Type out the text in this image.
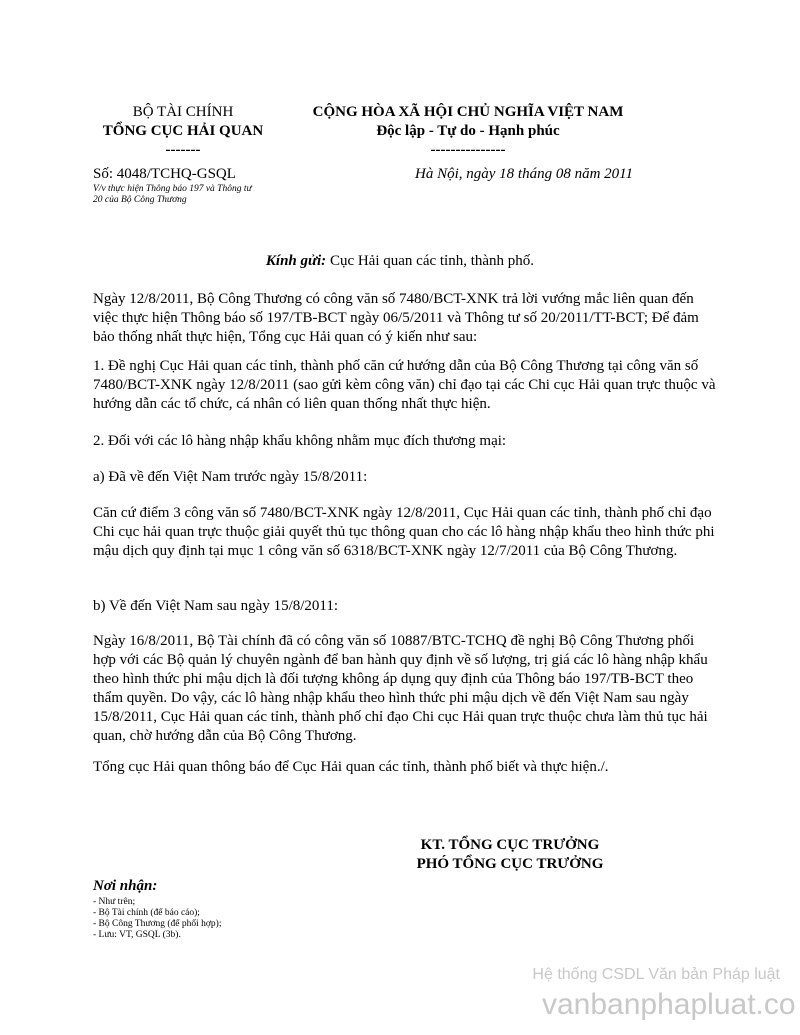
BỘ TÀI CHÍNH
TỔNG CỤC HẢI QUAN
-------
CỘNG HÒA XÃ HỘI CHỦ NGHĨA VIỆT NAM
Độc lập - Tự do - Hạnh phúc
---------------
Số: 4048/TCHQ-GSQL
V/v thực hiện Thông báo 197 và Thông tư
20 của Bộ Công Thương
Hà Nội, ngày 18 tháng 08 năm 2011
Kính gửi: Cục Hải quan các tỉnh, thành phố.

Ngày 12/8/2011, Bộ Công Thương có công văn số 7480/BCT-XNK trả lời vướng mắc liên quan đến việc thực hiện Thông báo số 197/TB-BCT ngày 06/5/2011 và Thông tư số 20/2011/TT-BCT; Để đảm bảo thống nhất thực hiện, Tổng cục Hải quan có ý kiến như sau:

1. Đề nghị Cục Hải quan các tỉnh, thành phố căn cứ hướng dẫn của Bộ Công Thương tại công văn số 7480/BCT-XNK ngày 12/8/2011 (sao gửi kèm công văn) chỉ đạo tại các Chi cục Hải quan trực thuộc và hướng dẫn các tổ chức, cá nhân có liên quan thống nhất thực hiện.

2. Đối với các lô hàng nhập khẩu không nhằm mục đích thương mại:

a) Đã về đến Việt Nam trước ngày 15/8/2011:

Căn cứ điểm 3 công văn số 7480/BCT-XNK ngày 12/8/2011, Cục Hải quan các tỉnh, thành phố chỉ đạo Chi cục hải quan trực thuộc giải quyết thủ tục thông quan cho các lô hàng nhập khẩu theo hình thức phi mậu dịch quy định tại mục 1 công văn số 6318/BCT-XNK ngày 12/7/2011 của Bộ Công Thương.

b) Về đến Việt Nam sau ngày 15/8/2011:

Ngày 16/8/2011, Bộ Tài chính đã có công văn số 10887/BTC-TCHQ đề nghị Bộ Công Thương phối hợp với các Bộ quản lý chuyên ngành để ban hành quy định về số lượng, trị giá các lô hàng nhập khẩu theo hình thức phi mậu dịch là đối tượng không áp dụng quy định của Thông báo 197/TB-BCT theo thẩm quyền. Do vậy, các lô hàng nhập khẩu theo hình thức phi mậu dịch về đến Việt Nam sau ngày 15/8/2011, Cục Hải quan các tỉnh, thành phố chỉ đạo Chi cục Hải quan trực thuộc chưa làm thủ tục hải quan, chờ hướng dẫn của Bộ Công Thương.

Tổng cục Hải quan thông báo để Cục Hải quan các tỉnh, thành phố biết và thực hiện./.

KT. TỔNG CỤC TRƯỞNG
PHÓ TỔNG CỤC TRƯỞNG
Nơi nhận:
- Như trên;
- Bộ Tài chính (để báo cáo);
- Bộ Công Thương (để phối hợp);
- Lưu: VT, GSQL (3b).
Hệ thống CSDL Văn bản Pháp luật
vanbanphapluat.co
